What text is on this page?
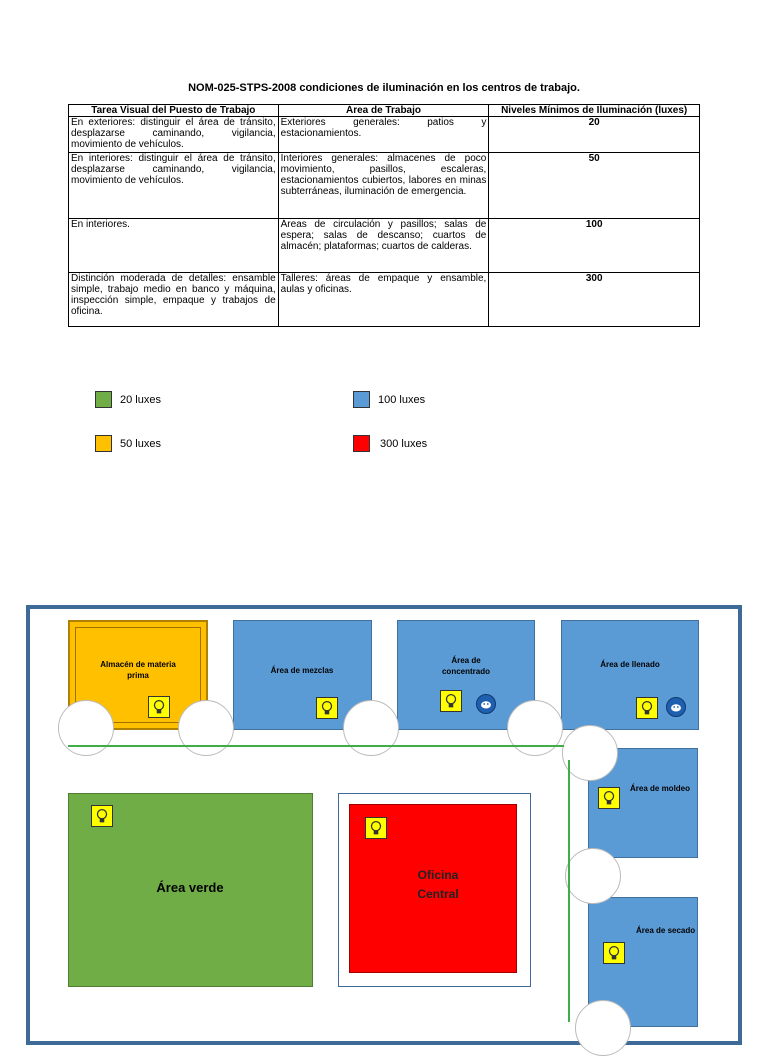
NOM-025-STPS-2008 condiciones de iluminación en los centros de trabajo.
Tarea Visual del Puesto de Trabajo	Área de Trabajo	Niveles Mínimos de Iluminación (luxes)
En exteriores: distinguir el área de tránsito, desplazarse caminando, vigilancia, movimiento de vehículos.	Exteriores generales: patios y estacionamientos.	20
En interiores: distinguir el área de tránsito, desplazarse caminando, vigilancia, movimiento de vehículos.	Interiores generales: almacenes de poco movimiento, pasillos, escaleras, estacionamientos cubiertos, labores en minas subterráneas, iluminación de emergencia.	50
En interiores.	Áreas de circulación y pasillos; salas de espera; salas de descanso; cuartos de almacén; plataformas; cuartos de calderas.	100
Distinción moderada de detalles: ensamble simple, trabajo medio en banco y máquina, inspección simple, empaque y trabajos de oficina.	Talleres: áreas de empaque y ensamble, aulas y oficinas.	300
20 luxes	100 luxes
50 luxes	300 luxes
Almacén de materia prima
Área de mezclas
Área de concentrado
Área de llenado
Área de moldeo
Área de secado
Área verde
Oficina Central
